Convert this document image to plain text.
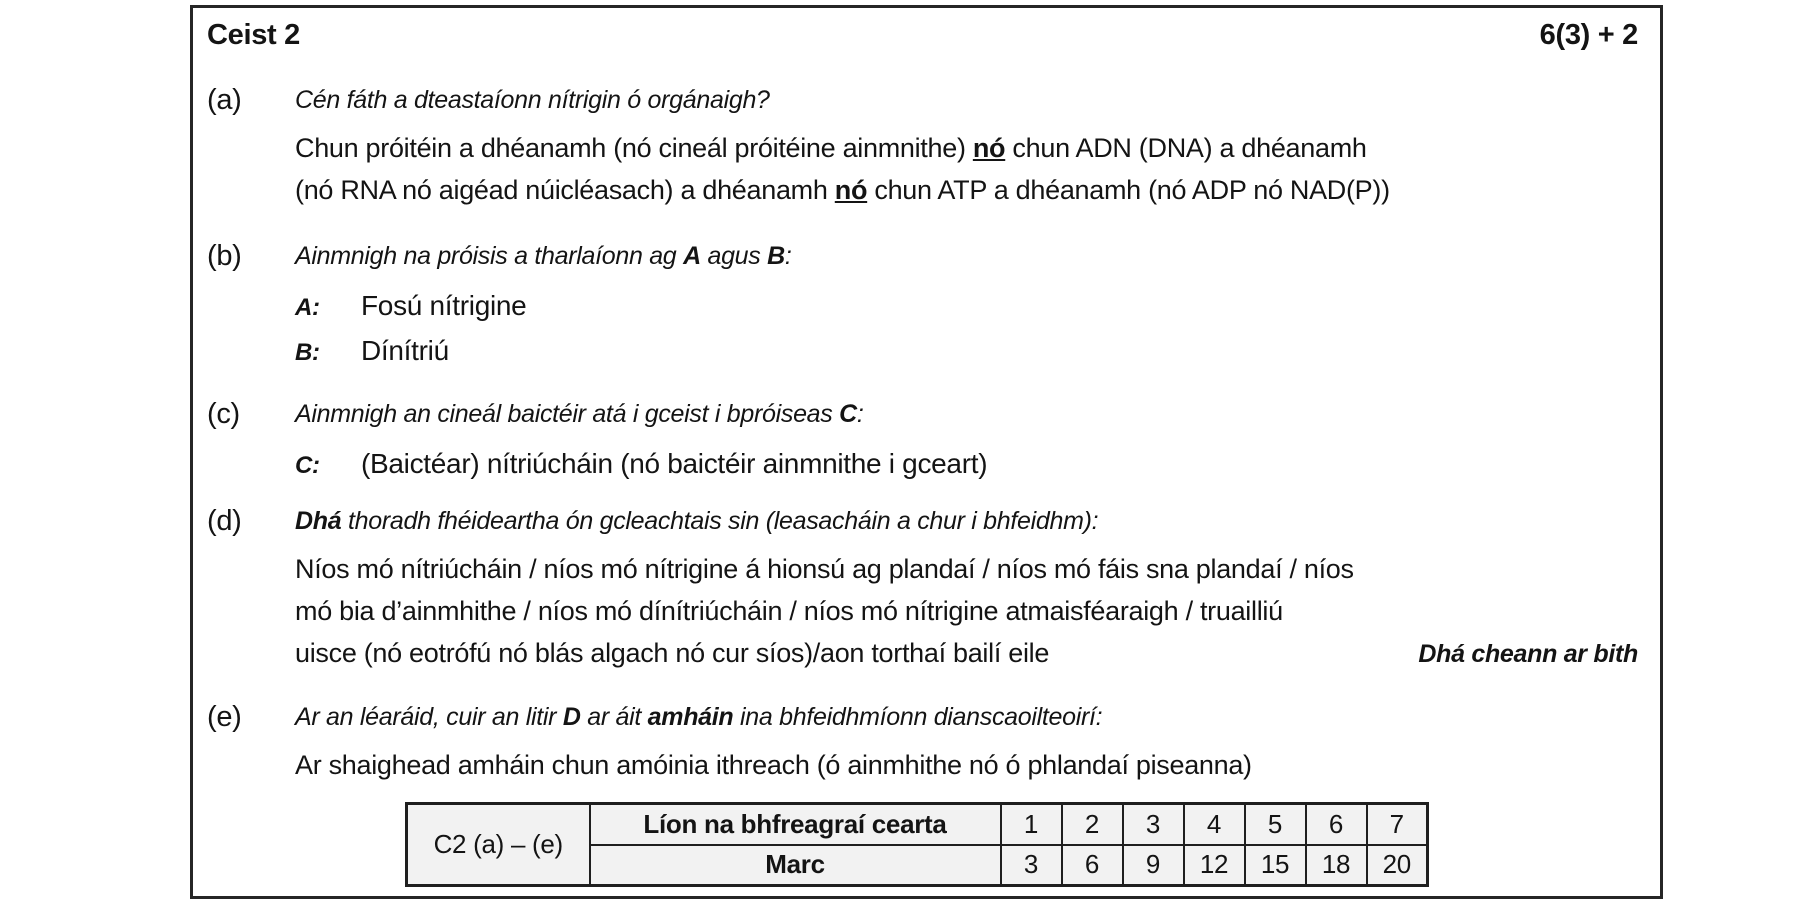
Ceist 2	6(3) + 2
(a)	Cén fáth a dteastaíonn nítrigin ó orgánaigh?
Chun próitéin a dhéanamh (nó cineál próitéine ainmnithe) nó chun ADN (DNA) a dhéanamh
(nó RNA nó aigéad núicléasach) a dhéanamh nó chun ATP a dhéanamh (nó ADP nó NAD(P))
(b)	Ainmnigh na próisis a tharlaíonn ag A agus B:
A:	Fosú nítrigine
B:	Dínítriú
(c)	Ainmnigh an cineál baictéir atá i gceist i bpróiseas C:
C:	(Baictéar) nítriúcháin (nó baictéir ainmnithe i gceart)
(d)	Dhá thoradh fhéideartha ón gcleachtais sin (leasacháin a chur i bhfeidhm):
Níos mó nítriúcháin / níos mó nítrigine á hionsú ag plandaí / níos mó fáis sna plandaí / níos
mó bia d’ainmhithe / níos mó dínítriúcháin / níos mó nítrigine atmaisféaraigh / truailliú
uisce (nó eotrófú nó blás algach nó cur síos)/aon torthaí bailí eile	Dhá cheann ar bith
(e)	Ar an léaráid, cuir an litir D ar áit amháin ina bhfeidhmíonn dianscaoilteoirí:
Ar shaighead amháin chun amóinia ithreach (ó ainmhithe nó ó phlandaí piseanna)
C2 (a) – (e)	Líon na bhfreagraí cearta	1	2	3	4	5	6	7
	Marc	3	6	9	12	15	18	20
